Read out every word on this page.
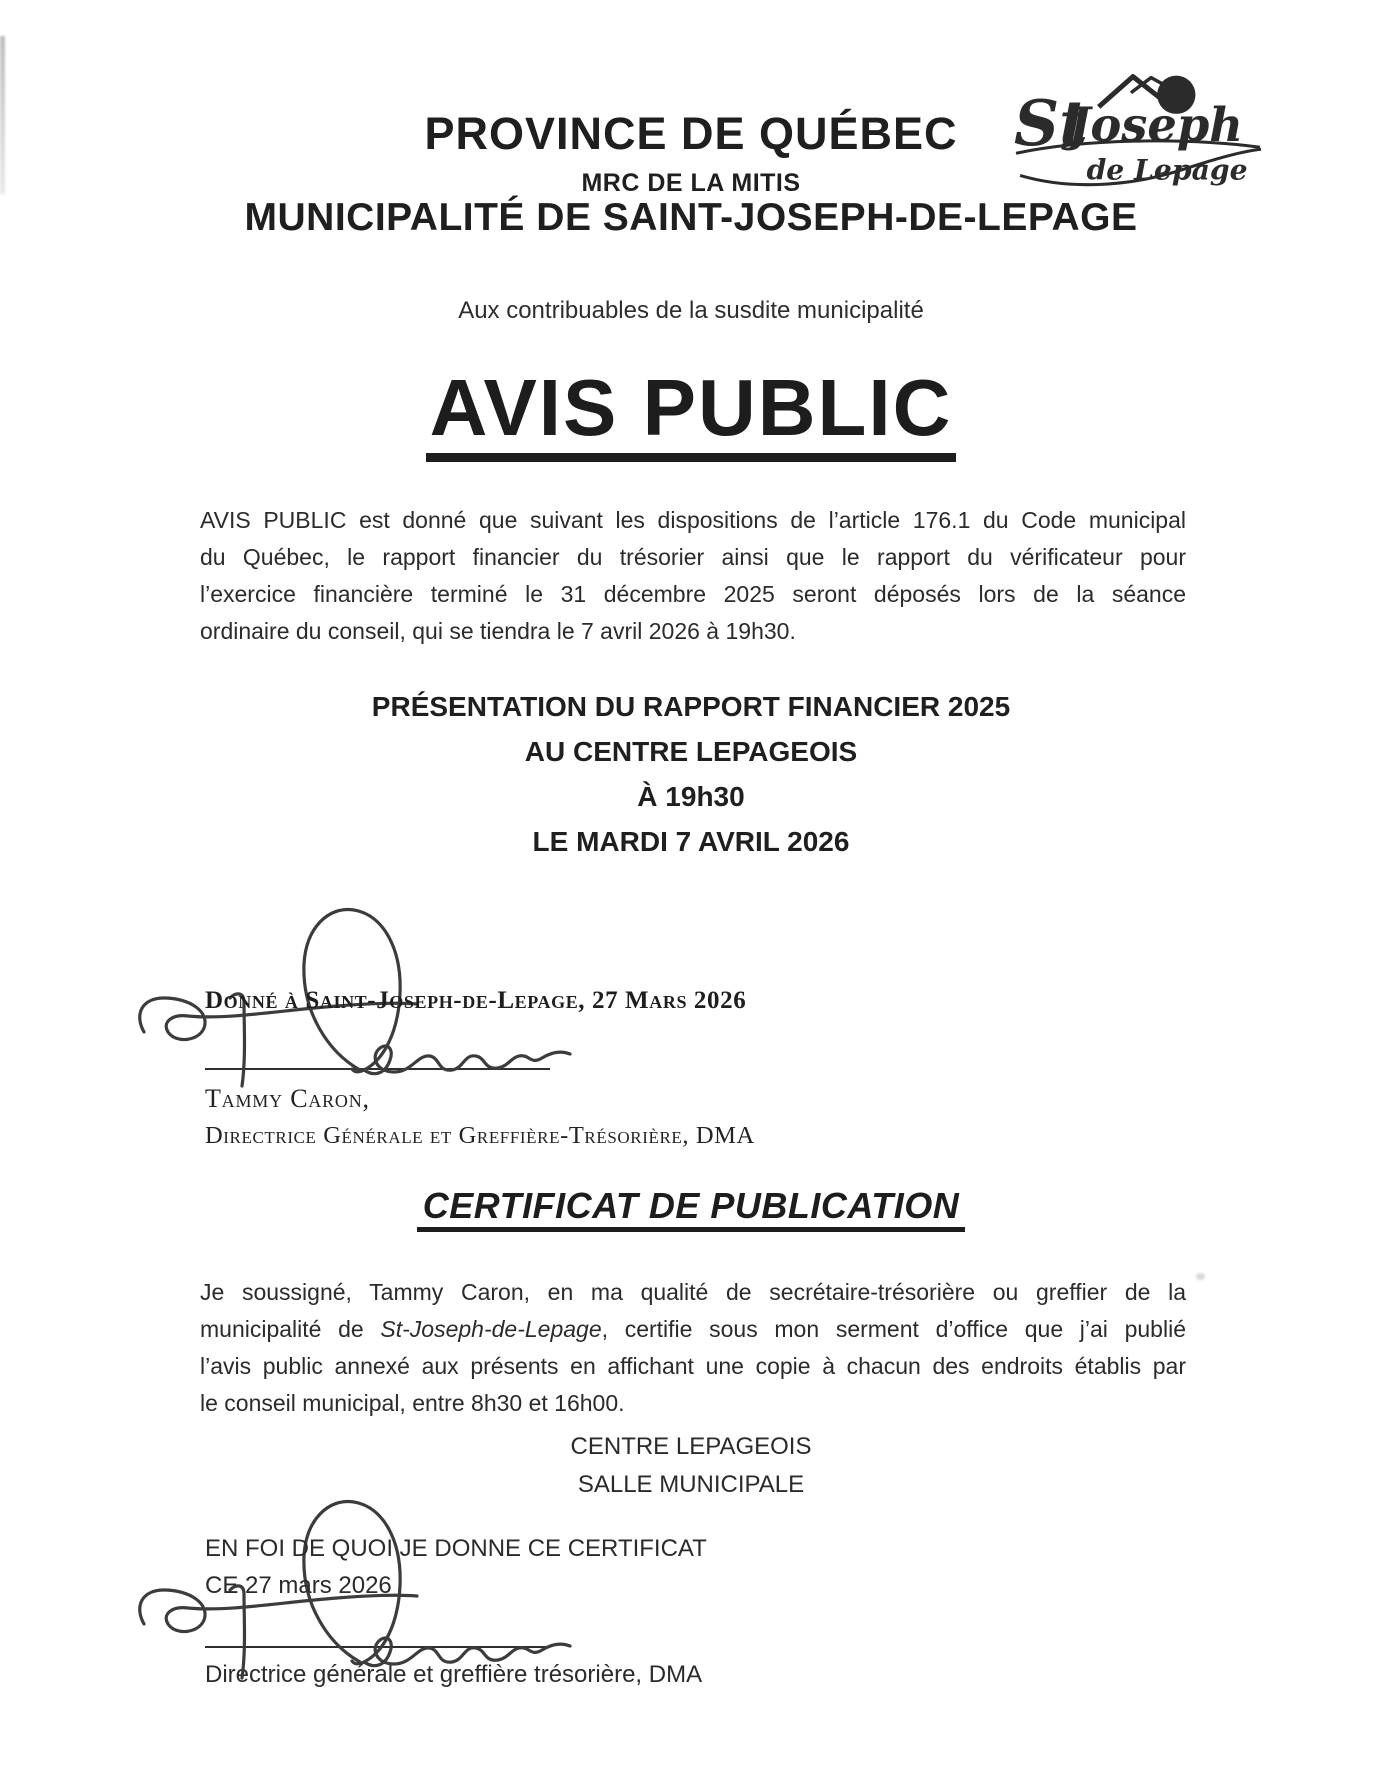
PROVINCE DE QUÉBEC
MRC DE LA MITIS
MUNICIPALITÉ DE SAINT-JOSEPH-DE-LEPAGE
St
Joseph
de Lepage
Aux contribuables de la susdite municipalité
AVIS PUBLIC
AVIS PUBLIC est donné que suivant les dispositions de l’article 176.1 du Code municipal
du Québec, le rapport financier du trésorier ainsi que le rapport du vérificateur pour
l’exercice financière terminé le 31 décembre 2025 seront déposés lors de la séance
ordinaire du conseil, qui se tiendra le 7 avril 2026 à 19h30.
PRÉSENTATION DU RAPPORT FINANCIER 2025
AU CENTRE LEPAGEOIS
À 19h30
LE MARDI 7 AVRIL 2026
Donné à Saint-Joseph-de-Lepage, 27 Mars 2026
Tammy Caron,
Directrice Générale et Greffière-Trésorière, DMA
CERTIFICAT DE PUBLICATION
Je soussigné, Tammy Caron, en ma qualité de secrétaire-trésorière ou greffier de la
municipalité de St-Joseph-de-Lepage, certifie sous mon serment d’office que j’ai publié
l’avis public annexé aux présents en affichant une copie à chacun des endroits établis par
le conseil municipal, entre 8h30 et 16h00.
CENTRE LEPAGEOIS
SALLE MUNICIPALE
EN FOI DE QUOI JE DONNE CE CERTIFICAT
CE 27 mars 2026
Directrice générale et greffière trésorière, DMA
